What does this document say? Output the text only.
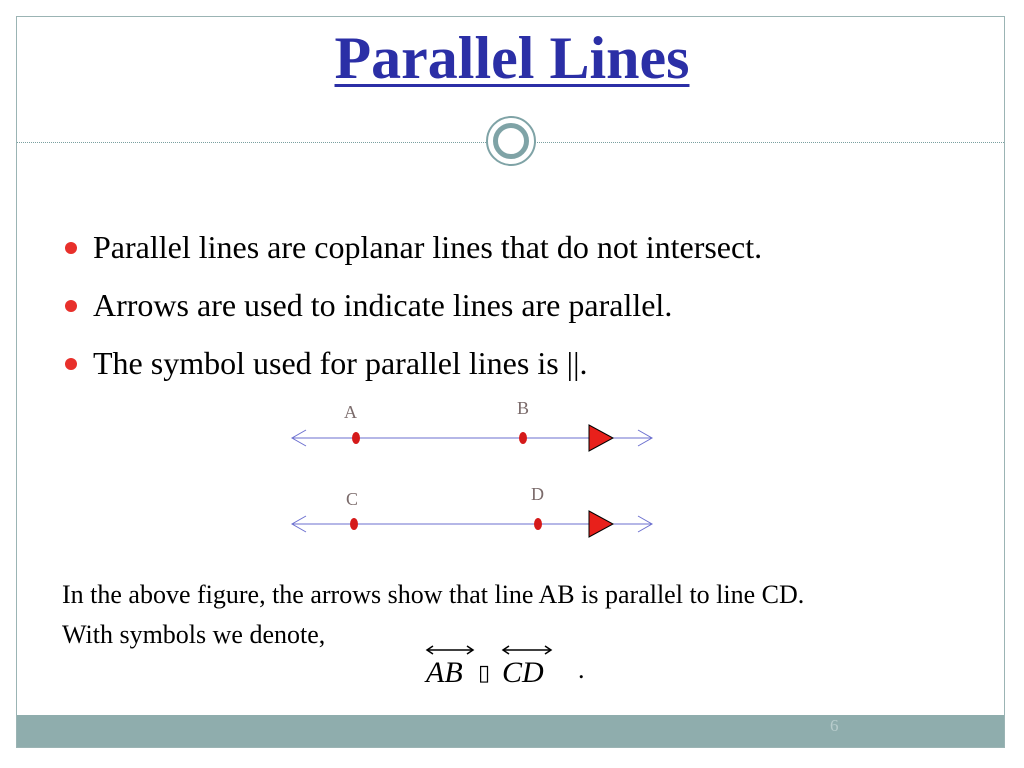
Parallel Lines
Parallel lines are coplanar lines that do not intersect.
Arrows are used to indicate lines are parallel.
The symbol used for parallel lines is ||.
A	B
C	D

In the above figure, the arrows show that line AB is parallel to line CD.

With symbols we denote,

AB ▯ CD .
6
